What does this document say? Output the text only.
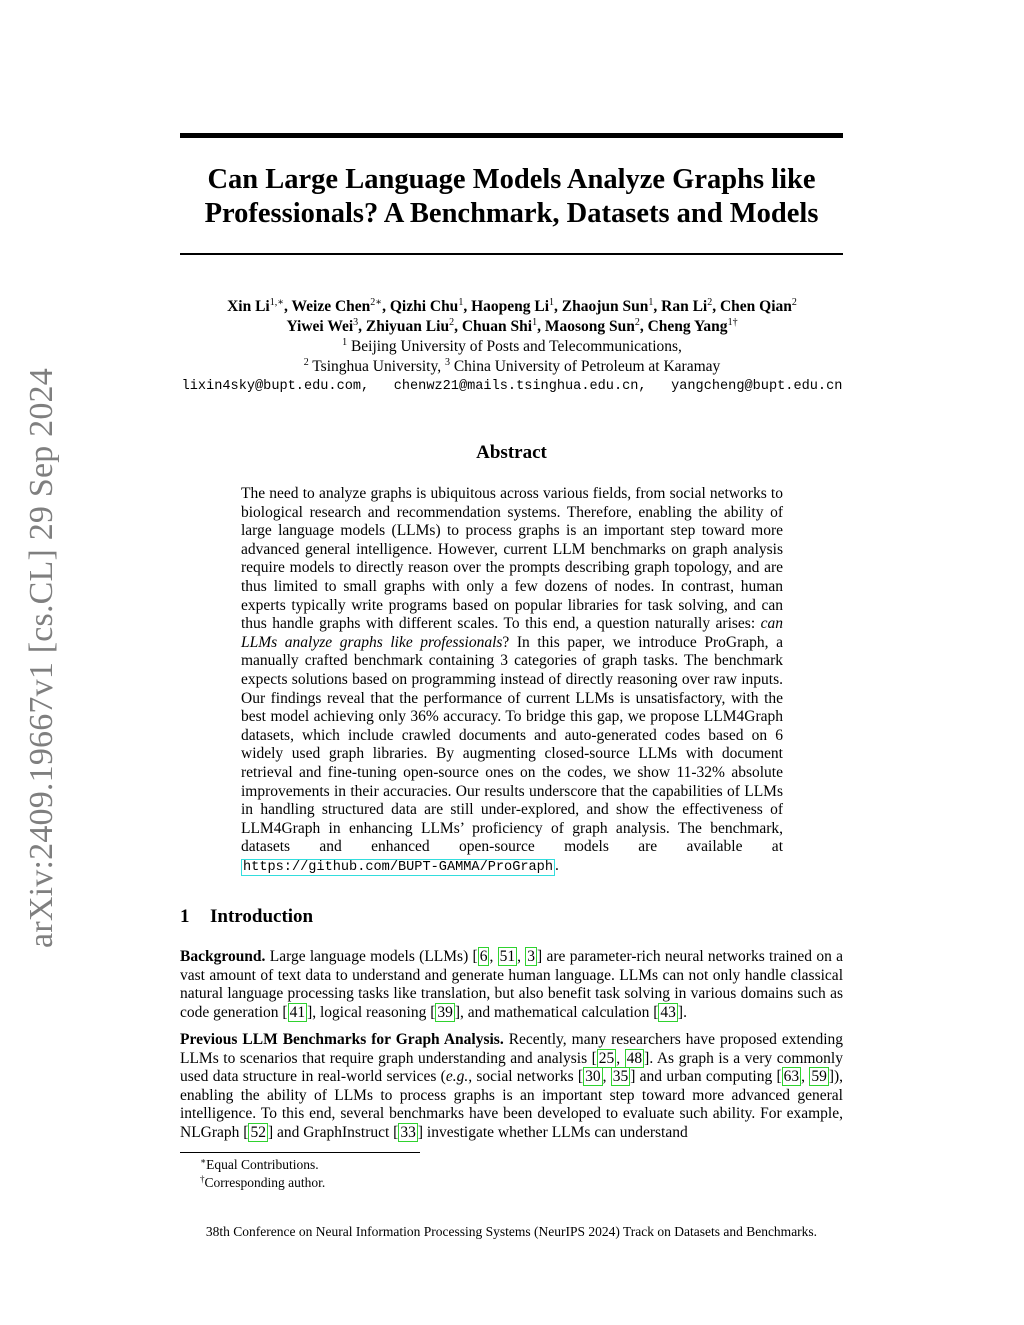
arXiv:2409.19667v1 [cs.CL] 29 Sep 2024
Can Large Language Models Analyze Graphs like
Professionals? A Benchmark, Datasets and Models
Xin $Li^{1,∗}$, Weize Chen$^{2∗}$, Qizhi Chu$^1$, Haopeng Li$^1$, Zhaojun Sun$^1$, Ran Li$^2$, Chen Qian$^2$
Yiwei Wei$^3$, Zhiyuan Liu$^2$, Chuan Shi$^1$, Maosong Sun$^2$, Cheng Yang$^{1\dagger}$
$^1$ Beijing University of Posts and Telecommunications,
$^2$ Tsinghua University, $^3$ China University of Petroleum at Karamay
lixin4sky@bupt.edu.com, chenwz21@mails.tsinghua.edu.cn, yangcheng@bupt.edu.cn
Abstract

The need to analyze graphs is ubiquitous across various fields, from social networks to biological research and recommendation systems. Therefore, enabling the ability of large language models (LLMs) to process graphs is an important step toward more advanced general intelligence. However, current LLM benchmarks on graph analysis require models to directly reason over the prompts describing graph topology, and are thus limited to small graphs with only a few dozens of nodes. In contrast, human experts typically write programs based on popular libraries for task solving, and can thus handle graphs with different scales. To this end, a question naturally arises: can LLMs analyze graphs like professionals? In this paper, we introduce ProGraph, a manually crafted benchmark containing 3 categories of graph tasks. The benchmark expects solutions based on programming instead of directly reasoning over raw inputs. Our findings reveal that the performance of current LLMs is unsatisfactory, with the best model achieving only 36% accuracy. To bridge this gap, we propose LLM4Graph datasets, which include crawled documents and auto-generated codes based on 6 widely used graph libraries. By augmenting closed-source LLMs with document retrieval and fine-tuning open-source ones on the codes, we show 11-32% absolute improvements in their accuracies. Our results underscore that the capabilities of LLMs in handling structured data are still under-explored, and show the effectiveness of LLM4Graph in enhancing LLMs’ proficiency of graph analysis. The benchmark, datasets and enhanced open-source models are available at https://github.com/BUPT-GAMMA/ProGraph .

1 Introduction

Background. Large language models (LLMs) [ 6 , 51 , 3 ] are parameter-rich neural networks trained on a vast amount of text data to understand and generate human language. LLMs can not only handle classical natural language processing tasks like translation, but also benefit task solving in various domains such as code generation [ 41 ], logical reasoning [ 39 ], and mathematical calculation [ 43 ].

Previous LLM Benchmarks for Graph Analysis. Recently, many researchers have proposed extending LLMs to scenarios that require graph understanding and analysis [ 25 , 48 ]. As graph is a very commonly used data structure in real-world services (e.g., social networks [ 30 , 35 ] and urban computing [ 63 , 59 ]), enabling the ability of LLMs to process graphs is an important step toward more advanced general intelligence. To this end, several benchmarks have been developed to evaluate such ability. For example, NLGraph [ 52 ] and GraphInstruct [ 33 ] investigate whether LLMs can understand

∗Equal Contributions.

†Corresponding author.

38th Conference on Neural Information Processing Systems (NeurIPS 2024) Track on Datasets and Benchmarks.
